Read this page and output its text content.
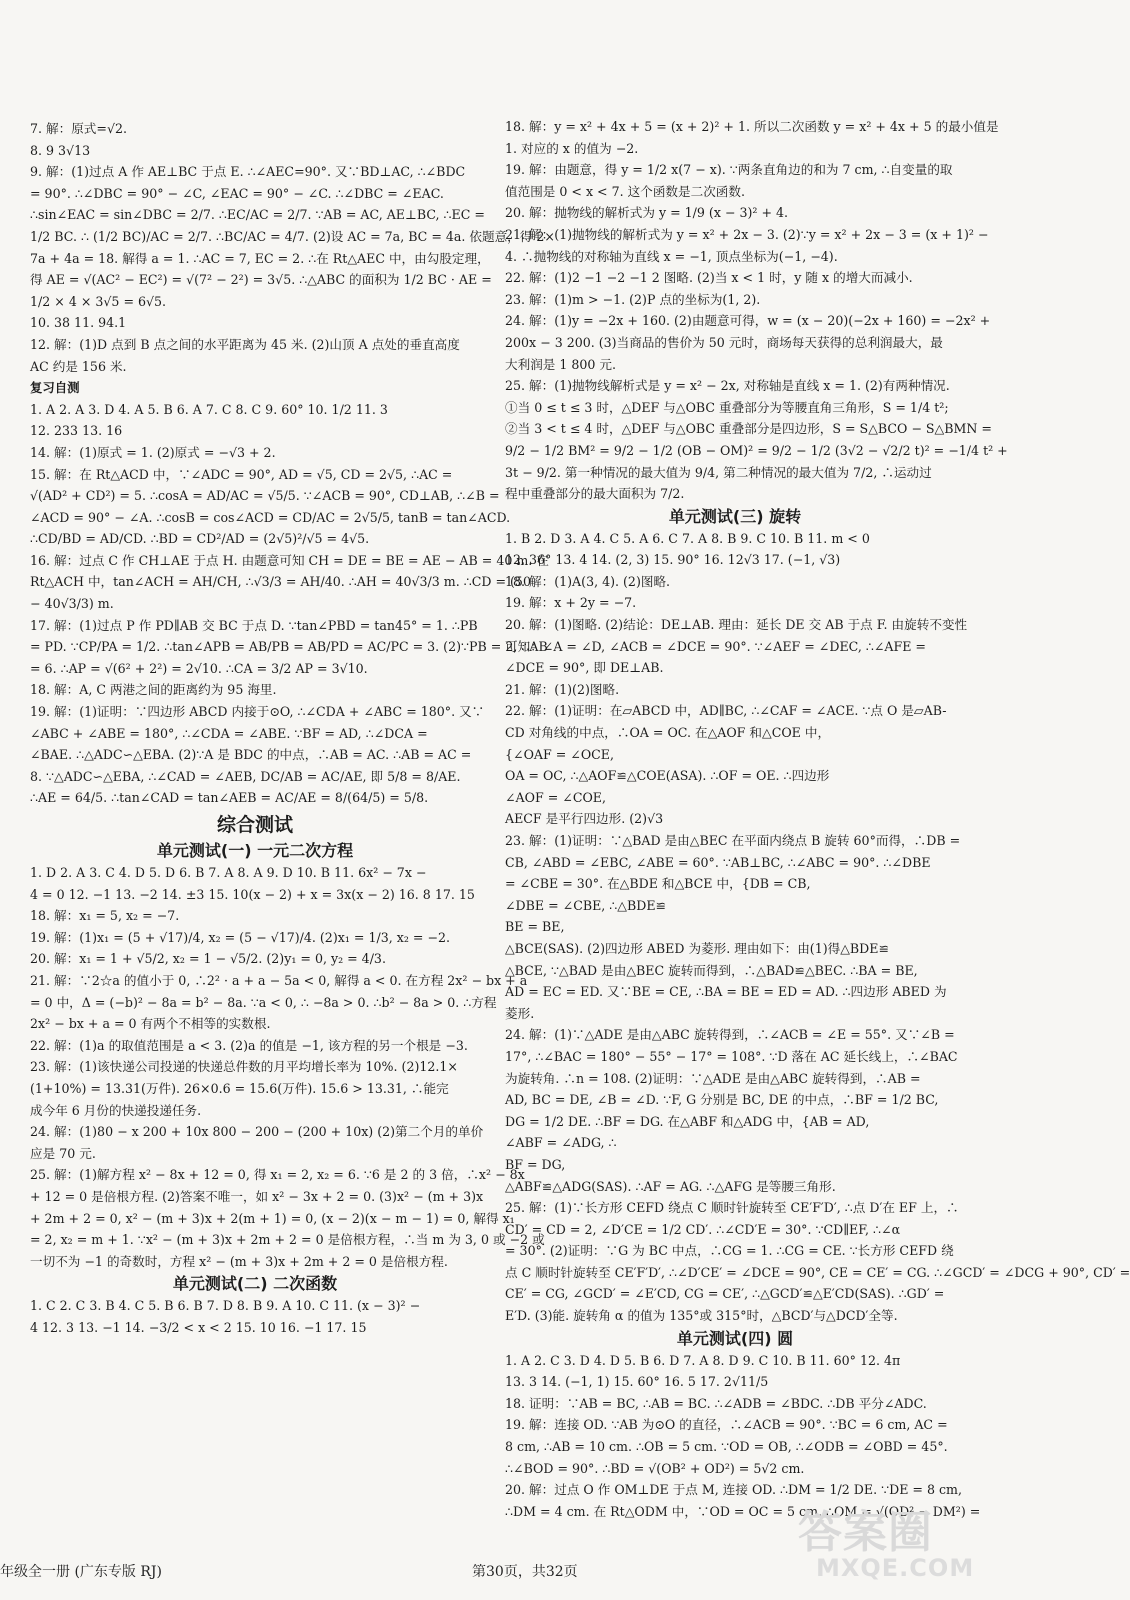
7. 解：原式=√2.
8. 9 3√13
9. 解：(1)过点 A 作 AE⊥BC 于点 E. ∴∠AEC=90°. 又∵BD⊥AC, ∴∠BDC
= 90°. ∴∠DBC = 90° − ∠C, ∠EAC = 90° − ∠C. ∴∠DBC = ∠EAC.
∴sin∠EAC = sin∠DBC = 2/7. ∴EC/AC = 2/7. ∵AB = AC, AE⊥BC, ∴EC =
1/2 BC. ∴ (1/2 BC)/AC = 2/7. ∴BC/AC = 4/7. (2)设 AC = 7a, BC = 4a. 依题意，得 2×
7a + 4a = 18. 解得 a = 1. ∴AC = 7, EC = 2. ∴在 Rt△AEC 中，由勾股定理，
得 AE = √(AC² − EC²) = √(7² − 2²) = 3√5. ∴△ABC 的面积为 1/2 BC · AE =
1/2 × 4 × 3√5 = 6√5.
10. 38 11. 94.1
12. 解：(1)D 点到 B 点之间的水平距离为 45 米. (2)山顶 A 点处的垂直高度
AC 约是 156 米.
复习自测
1. A 2. A 3. D 4. A 5. B 6. A 7. C 8. C 9. 60° 10. 1/2 11. 3
12. 233 13. 16
14. 解：(1)原式 = 1. (2)原式 = −√3 + 2.
15. 解：在 Rt△ACD 中，∵∠ADC = 90°, AD = √5, CD = 2√5, ∴AC =
√(AD² + CD²) = 5. ∴cosA = AD/AC = √5/5. ∵∠ACB = 90°, CD⊥AB, ∴∠B =
∠ACD = 90° − ∠A. ∴cosB = cos∠ACD = CD/AC = 2√5/5, tanB = tan∠ACD.
∴CD/BD = AD/CD. ∴BD = CD²/AD = (2√5)²/√5 = 4√5.
16. 解：过点 C 作 CH⊥AE 于点 H. 由题意可知 CH = DE = BE = AE − AB = 40 m. 在
Rt△ACH 中，tan∠ACH = AH/CH, ∴√3/3 = AH/40. ∴AH = 40√3/3 m. ∴CD = (50
− 40√3/3) m.
17. 解：(1)过点 P 作 PD∥AB 交 BC 于点 D. ∵tan∠PBD = tan45° = 1. ∴PB
= PD. ∵CP/PA = 1/2. ∴tan∠APB = AB/PB = AB/PD = AC/PC = 3. (2)∵PB = 2, ∴AB
= 6. ∴AP = √(6² + 2²) = 2√10. ∴CA = 3/2 AP = 3√10.
18. 解：A, C 两港之间的距离约为 95 海里.
19. 解：(1)证明：∵四边形 ABCD 内接于⊙O, ∴∠CDA + ∠ABC = 180°. 又∵
∠ABC + ∠ABE = 180°, ∴∠CDA = ∠ABE. ∵BF = AD, ∴∠DCA =
∠BAE. ∴△ADC∽△EBA. (2)∵A 是 BDC 的中点，∴AB = AC. ∴AB = AC =
8. ∵△ADC∽△EBA, ∴∠CAD = ∠AEB, DC/AB = AC/AE, 即 5/8 = 8/AE.
∴AE = 64/5. ∴tan∠CAD = tan∠AEB = AC/AE = 8/(64/5) = 5/8.
综合测试
单元测试(一) 一元二次方程
1. D 2. A 3. C 4. D 5. D 6. B 7. A 8. A 9. D 10. B 11. 6x² − 7x −
4 = 0 12. −1 13. −2 14. ±3 15. 10(x − 2) + x = 3x(x − 2) 16. 8 17. 15
18. 解：x₁ = 5, x₂ = −7.
19. 解：(1)x₁ = (5 + √17)/4, x₂ = (5 − √17)/4. (2)x₁ = 1/3, x₂ = −2.
20. 解：x₁ = 1 + √5/2, x₂ = 1 − √5/2. (2)y₁ = 0, y₂ = 4/3.
21. 解：∵2☆a 的值小于 0, ∴2² · a + a − 5a < 0, 解得 a < 0. 在方程 2x² − bx + a
= 0 中，Δ = (−b)² − 8a = b² − 8a. ∵a < 0, ∴ −8a > 0. ∴b² − 8a > 0. ∴方程
2x² − bx + a = 0 有两个不相等的实数根.
22. 解：(1)a 的取值范围是 a < 3. (2)a 的值是 −1, 该方程的另一个根是 −3.
23. 解：(1)该快递公司投递的快递总件数的月平均增长率为 10%. (2)12.1×
(1+10%) = 13.31(万件). 26×0.6 = 15.6(万件). 15.6 > 13.31, ∴能完
成今年 6 月份的快递投递任务.
24. 解：(1)80 − x 200 + 10x 800 − 200 − (200 + 10x) (2)第二个月的单价
应是 70 元.
25. 解：(1)解方程 x² − 8x + 12 = 0, 得 x₁ = 2, x₂ = 6. ∵6 是 2 的 3 倍，∴x² − 8x
+ 12 = 0 是倍根方程. (2)答案不唯一，如 x² − 3x + 2 = 0. (3)x² − (m + 3)x
+ 2m + 2 = 0, x² − (m + 3)x + 2(m + 1) = 0, (x − 2)(x − m − 1) = 0, 解得 x₁
= 2, x₂ = m + 1. ∵x² − (m + 3)x + 2m + 2 = 0 是倍根方程，∴当 m 为 3, 0 或 −2 或
一切不为 −1 的奇数时，方程 x² − (m + 3)x + 2m + 2 = 0 是倍根方程.
单元测试(二) 二次函数
1. C 2. C 3. B 4. C 5. B 6. B 7. D 8. B 9. A 10. C 11. (x − 3)² −
4 12. 3 13. −1 14. −3/2 < x < 2 15. 10 16. −1 17. 15
18. 解：y = x² + 4x + 5 = (x + 2)² + 1. 所以二次函数 y = x² + 4x + 5 的最小值是
1. 对应的 x 的值为 −2.
19. 解：由题意，得 y = 1/2 x(7 − x). ∵两条直角边的和为 7 cm, ∴自变量的取
值范围是 0 < x < 7. 这个函数是二次函数.
20. 解：抛物线的解析式为 y = 1/9 (x − 3)² + 4.
21. 解：(1)抛物线的解析式为 y = x² + 2x − 3. (2)∵y = x² + 2x − 3 = (x + 1)² −
4. ∴抛物线的对称轴为直线 x = −1, 顶点坐标为(−1, −4).
22. 解：(1)2 −1 −2 −1 2 图略. (2)当 x < 1 时，y 随 x 的增大而减小.
23. 解：(1)m > −1. (2)P 点的坐标为(1, 2).
24. 解：(1)y = −2x + 160. (2)由题意可得，w = (x − 20)(−2x + 160) = −2x² +
200x − 3 200. (3)当商品的售价为 50 元时，商场每天获得的总利润最大，最
大利润是 1 800 元.
25. 解：(1)抛物线解析式是 y = x² − 2x, 对称轴是直线 x = 1. (2)有两种情况.
①当 0 ≤ t ≤ 3 时，△DEF 与△OBC 重叠部分为等腰直角三角形，S = 1/4 t²;
②当 3 < t ≤ 4 时，△DEF 与△OBC 重叠部分是四边形，S = S△BCO − S△BMN =
9/2 − 1/2 BM² = 9/2 − 1/2 (OB − OM)² = 9/2 − 1/2 (3√2 − √2/2 t)² = −1/4 t² +
3t − 9/2. 第一种情况的最大值为 9/4, 第二种情况的最大值为 7/2, ∴运动过
程中重叠部分的最大面积为 7/2.
单元测试(三) 旋转
1. B 2. D 3. A 4. C 5. A 6. C 7. A 8. B 9. C 10. B 11. m < 0
12. 36° 13. 4 14. (2, 3) 15. 90° 16. 12√3 17. (−1, √3)
18. 解：(1)A(3, 4). (2)图略.
19. 解：x + 2y = −7.
20. 解：(1)图略. (2)结论：DE⊥AB. 理由：延长 DE 交 AB 于点 F. 由旋转不变性
可知：∠A = ∠D, ∠ACB = ∠DCE = 90°. ∵∠AEF = ∠DEC, ∴∠AFE =
∠DCE = 90°, 即 DE⊥AB.
21. 解：(1)(2)图略.
22. 解：(1)证明：在▱ABCD 中，AD∥BC, ∴∠CAF = ∠ACE. ∵点 O 是▱AB-
CD 对角线的中点，∴OA = OC. 在△AOF 和△COE 中，
{∠OAF = ∠OCE,
OA = OC, ∴△AOF≌△COE(ASA). ∴OF = OE. ∴四边形
∠AOF = ∠COE,
AECF 是平行四边形. (2)√3
23. 解：(1)证明：∵△BAD 是由△BEC 在平面内绕点 B 旋转 60°而得，∴DB =
CB, ∠ABD = ∠EBC, ∠ABE = 60°. ∵AB⊥BC, ∴∠ABC = 90°. ∴∠DBE
= ∠CBE = 30°. 在△BDE 和△BCE 中，{DB = CB,
∠DBE = ∠CBE, ∴△BDE≌
BE = BE,
△BCE(SAS). (2)四边形 ABED 为菱形. 理由如下：由(1)得△BDE≌
△BCE, ∵△BAD 是由△BEC 旋转而得到，∴△BAD≌△BEC. ∴BA = BE,
AD = EC = ED. 又∵BE = CE, ∴BA = BE = ED = AD. ∴四边形 ABED 为
菱形.
24. 解：(1)∵△ADE 是由△ABC 旋转得到，∴∠ACB = ∠E = 55°. 又∵∠B =
17°, ∴∠BAC = 180° − 55° − 17° = 108°. ∵D 落在 AC 延长线上，∴∠BAC
为旋转角. ∴n = 108. (2)证明：∵△ADE 是由△ABC 旋转得到，∴AB =
AD, BC = DE, ∠B = ∠D. ∵F, G 分别是 BC, DE 的中点，∴BF = 1/2 BC,
DG = 1/2 DE. ∴BF = DG. 在△ABF 和△ADG 中，{AB = AD,
∠ABF = ∠ADG, ∴
BF = DG,
△ABF≌△ADG(SAS). ∴AF = AG. ∴△AFG 是等腰三角形.
25. 解：(1)∵长方形 CEFD 绕点 C 顺时针旋转至 CE′F′D′, ∴点 D′在 EF 上，∴
CD′ = CD = 2, ∠D′CE = 1/2 CD′. ∴∠CD′E = 30°. ∵CD∥EF, ∴∠α
= 30°. (2)证明：∵G 为 BC 中点，∴CG = 1. ∴CG = CE. ∵长方形 CEFD 绕
点 C 顺时针旋转至 CE′F′D′, ∴∠D′CE′ = ∠DCE = 90°, CE = CE′ = CG. ∴∠GCD′ = ∠DCG + 90°, CD′ =
CE′ = CG, ∠GCD′ = ∠E′CD, CG = CE′, ∴△GCD′≌△E′CD(SAS). ∴GD′ =
E′D. (3)能. 旋转角 α 的值为 135°或 315°时，△BCD′与△DCD′全等.
单元测试(四) 圆
1. A 2. C 3. D 4. D 5. B 6. D 7. A 8. D 9. C 10. B 11. 60° 12. 4π
13. 3 14. (−1, 1) 15. 60° 16. 5 17. 2√11/5
18. 证明：∵AB = BC, ∴AB = BC. ∴∠ADB = ∠BDC. ∴DB 平分∠ADC.
19. 解：连接 OD. ∵AB 为⊙O 的直径，∴∠ACB = 90°. ∵BC = 6 cm, AC =
8 cm, ∴AB = 10 cm. ∴OB = 5 cm. ∵OD = OB, ∴∠ODB = ∠OBD = 45°.
∴∠BOD = 90°. ∴BD = √(OB² + OD²) = 5√2 cm.
20. 解：过点 O 作 OM⊥DE 于点 M, 连接 OD. ∴DM = 1/2 DE. ∵DE = 8 cm,
∴DM = 4 cm. 在 Rt△ODM 中，∵OD = OC = 5 cm, ∴OM = √(OD² − DM²) =
年级全一册 (广东专版 RJ)	第30页，共32页
答案圈
MXQE.COM
